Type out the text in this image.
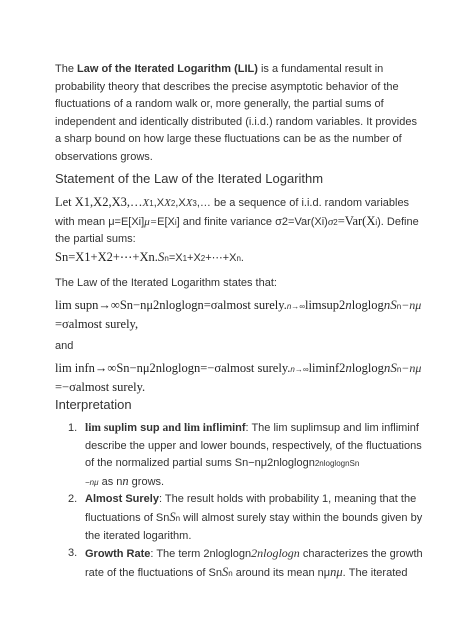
The Law of the Iterated Logarithm (LIL) is a fundamental result in probability theory that describes the precise asymptotic behavior of the fluctuations of a random walk or, more generally, the partial sums of independent and identically distributed (i.i.d.) random variables. It provides a sharp bound on how large these fluctuations can be as the number of observations grows.

Statement of the Law of the Iterated Logarithm

Let X1,X2,X3,…X1,XX2,XX3,… be a sequence of i.i.d. random variables with mean μ=E[Xi]μ=E[Xi] and finite variance σ2=Var(Xi)σ2=Var(Xi). Define the partial sums:

Sn=X1+X2+⋯+Xn.Sn=X1+X2+⋯+Xn.

The Law of the Iterated Logarithm states that:

lim supn→∞Sn−nμ2nloglogn=σalmost surely.n→∞limsup2nloglognSn−nμ
=σalmost surely,

and

lim infn→∞Sn−nμ2nloglogn=−σalmost surely.n→∞liminf2nloglognSn−nμ
=−σalmost surely.

Interpretation
1. lim suplim sup and lim infliminf: The lim suplimsup and lim infliminf describe the upper and lower bounds, respectively, of the fluctuations of the normalized partial sums Sn−nμ2nloglogn2nloglognSn
−nμ as nn grows.
2. Almost Surely: The result holds with probability 1, meaning that the fluctuations of SnSn will almost surely stay within the bounds given by the iterated logarithm.
3. Growth Rate: The term 2nloglogn2nloglogn characterizes the growth rate of the fluctuations of SnSn around its mean nμnμ. The iterated
